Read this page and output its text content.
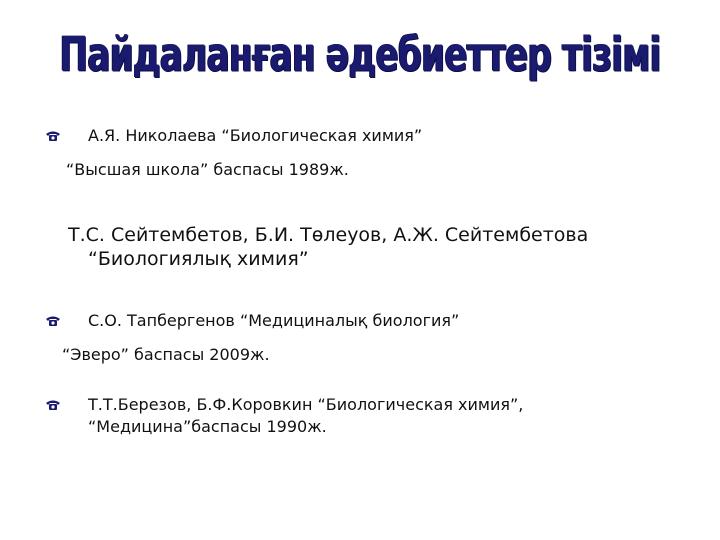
Пайдаланған әдебиеттер тізімі
А.Я. Николаева “Биологическая химия”
“Высшая школа” баспасы 1989ж.
Т.С. Сейтембетов, Б.И. Төлеуов, А.Ж. Сейтембетова
“Биологиялық химия”
С.О. Тапбергенов “Медициналық биология”
“Эверо” баспасы 2009ж.
Т.Т.Березов, Б.Ф.Коровкин “Биологическая химия”,
“Медицина”баспасы 1990ж.
